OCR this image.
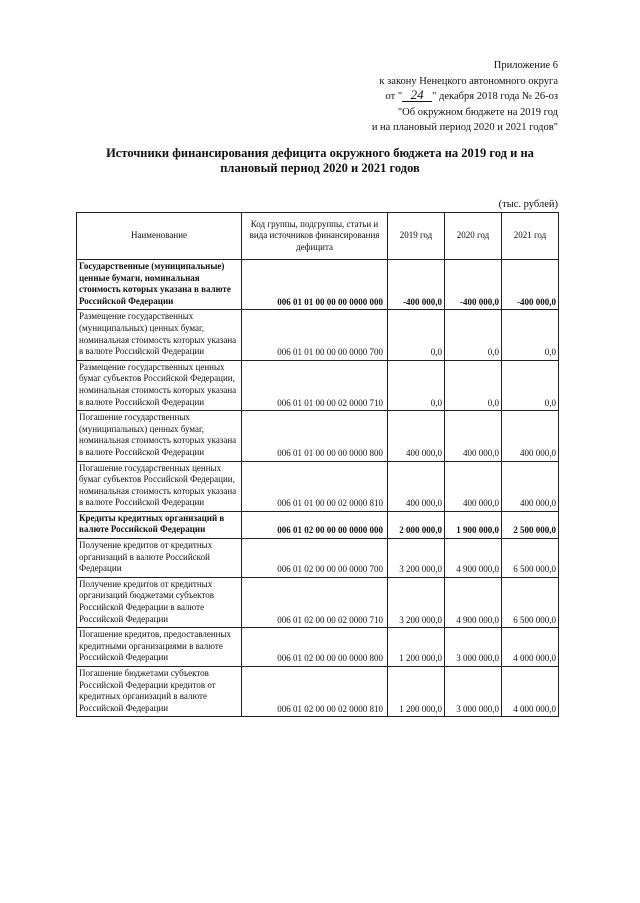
Приложение 6
к закону Ненецкого автономного округа
от " 24 " декабря 2018 года № 26-оз
"Об окружном бюджете на 2019 год
и на плановый период 2020 и 2021 годов"
Источники финансирования дефицита окружного бюджета на 2019 год и на плановый период 2020 и 2021 годов
(тыс. рублей)
Наименование	Код группы, подгруппы, статьи и вида источников финансирования дефицита	2019 год	2020 год	2021 год
Государственные (муниципальные) ценные бумаги, номинальная стоимость которых указана в валюте Российской Федерации	006 01 01 00 00 00 0000 000	-400 000,0	-400 000,0	-400 000,0
Размещение государственных (муниципальных) ценных бумаг, номинальная стоимость которых указана в валюте Российской Федерации	006 01 01 00 00 00 0000 700	0,0	0,0	0,0
Размещение государственных ценных бумаг субъектов Российской Федерации, номинальная стоимость которых указана в валюте Российской Федерации	006 01 01 00 00 02 0000 710	0,0	0,0	0,0
Погашение государственных (муниципальных) ценных бумаг, номинальная стоимость которых указана в валюте Российской Федерации	006 01 01 00 00 00 0000 800	400 000,0	400 000,0	400 000,0
Погашение государственных ценных бумаг субъектов Российской Федерации, номинальная стоимость которых указана в валюте Российской Федерации	006 01 01 00 00 02 0000 810	400 000,0	400 000,0	400 000,0
Кредиты кредитных организаций в валюте Российской Федерации	006 01 02 00 00 00 0000 000	2 000 000,0	1 900 000,0	2 500 000,0
Получение кредитов от кредитных организаций в валюте Российской Федерации	006 01 02 00 00 00 0000 700	3 200 000,0	4 900 000,0	6 500 000,0
Получение кредитов от кредитных организаций бюджетами субъектов Российской Федерации в валюте Российской Федерации	006 01 02 00 00 02 0000 710	3 200 000,0	4 900 000,0	6 500 000,0
Погашение кредитов, предоставленных кредитными организациями в валюте Российской Федерации	006 01 02 00 00 00 0000 800	1 200 000,0	3 000 000,0	4 000 000,0
Погашение бюджетами субъектов Российской Федерации кредитов от кредитных организаций в валюте Российской Федерации	006 01 02 00 00 02 0000 810	1 200 000,0	3 000 000,0	4 000 000,0
